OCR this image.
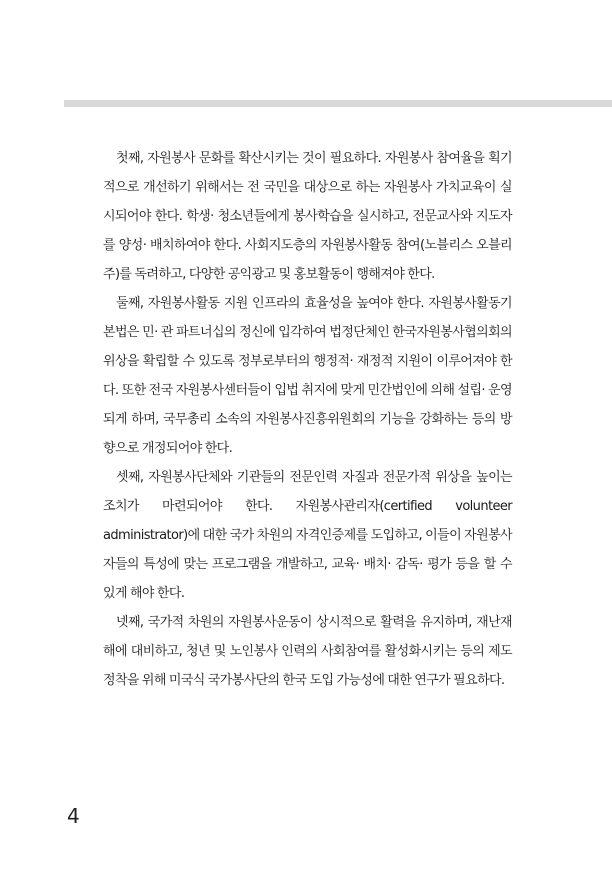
첫째, 자원봉사 문화를 확산시키는 것이 필요하다. 자원봉사 참여율을 획기적으로 개선하기 위해서는 전 국민을 대상으로 하는 자원봉사 가치교육이 실시되어야 한다. 학생· 청소년들에게 봉사학습을 실시하고, 전문교사와 지도자를 양성· 배치하여야 한다. 사회지도층의 자원봉사활동 참여(노블리스 오블리주)를 독려하고, 다양한 공익광고 및 홍보활동이 행해져야 한다.

둘째, 자원봉사활동 지원 인프라의 효율성을 높여야 한다. 자원봉사활동기본법은 민· 관 파트너십의 정신에 입각하여 법정단체인 한국자원봉사협의회의 위상을 확립할 수 있도록 정부로부터의 행정적· 재정적 지원이 이루어져야 한다. 또한 전국 자원봉사센터들이 입법 취지에 맞게 민간법인에 의해 설립· 운영되게 하며, 국무총리 소속의 자원봉사진흥위원회의 기능을 강화하는 등의 방향으로 개정되어야 한다.

셋째, 자원봉사단체와 기관들의 전문인력 자질과 전문가적 위상을 높이는 조치가 마련되어야 한다. 자원봉사관리자(certified volunteer administrator)에 대한 국가 차원의 자격인증제를 도입하고, 이들이 자원봉사자들의 특성에 맞는 프로그램을 개발하고, 교육· 배치· 감독· 평가 등을 할 수 있게 해야 한다.

넷째, 국가적 차원의 자원봉사운동이 상시적으로 활력을 유지하며, 재난재해에 대비하고, 청년 및 노인봉사 인력의 사회참여를 활성화시키는 등의 제도 정착을 위해 미국식 국가봉사단의 한국 도입 가능성에 대한 연구가 필요하다.

4
